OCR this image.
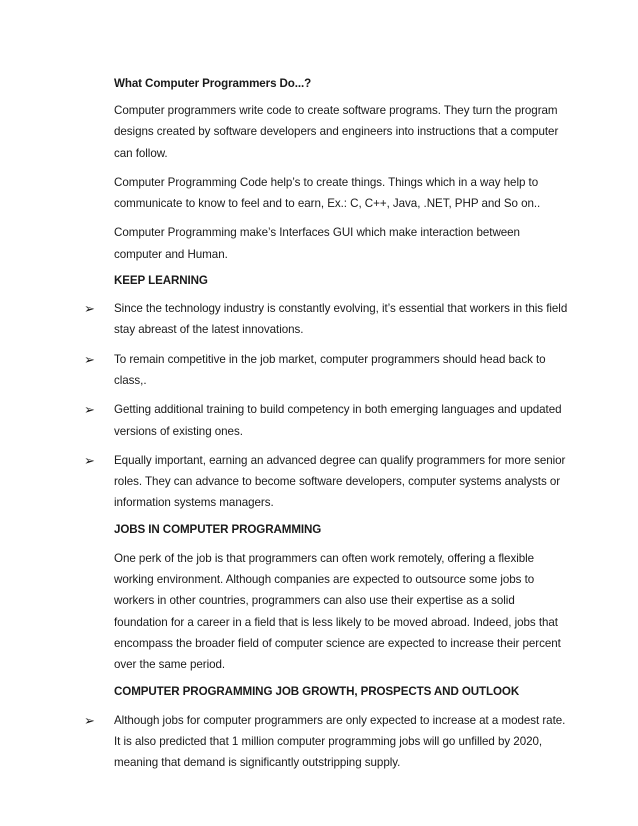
What Computer Programmers Do...?

Computer programmers write code to create software programs. They turn the program designs created by software developers and engineers into instructions that a computer can follow.

Computer Programming Code help’s to create things. Things which in a way help to communicate to know to feel and to earn, Ex.: C, C++, Java, .NET, PHP and So on..

Computer Programming make’s Interfaces GUI which make interaction between computer and Human.

KEEP LEARNING
➢ Since the technology industry is constantly evolving, it’s essential that workers in this field stay abreast of the latest innovations.
➢ To remain competitive in the job market, computer programmers should head back to class,.
➢ Getting additional training to build competency in both emerging languages and updated versions of existing ones.
➢ Equally important, earning an advanced degree can qualify programmers for more senior roles. They can advance to become software developers, computer systems analysts or information systems managers.
JOBS IN COMPUTER PROGRAMMING

One perk of the job is that programmers can often work remotely, offering a flexible working environment. Although companies are expected to outsource some jobs to workers in other countries, programmers can also use their expertise as a solid foundation for a career in a field that is less likely to be moved abroad. Indeed, jobs that encompass the broader field of computer science are expected to increase their percent over the same period.

COMPUTER PROGRAMMING JOB GROWTH, PROSPECTS AND OUTLOOK
➢ Although jobs for computer programmers are only expected to increase at a modest rate. It is also predicted that 1 million computer programming jobs will go unfilled by 2020, meaning that demand is significantly outstripping supply.
